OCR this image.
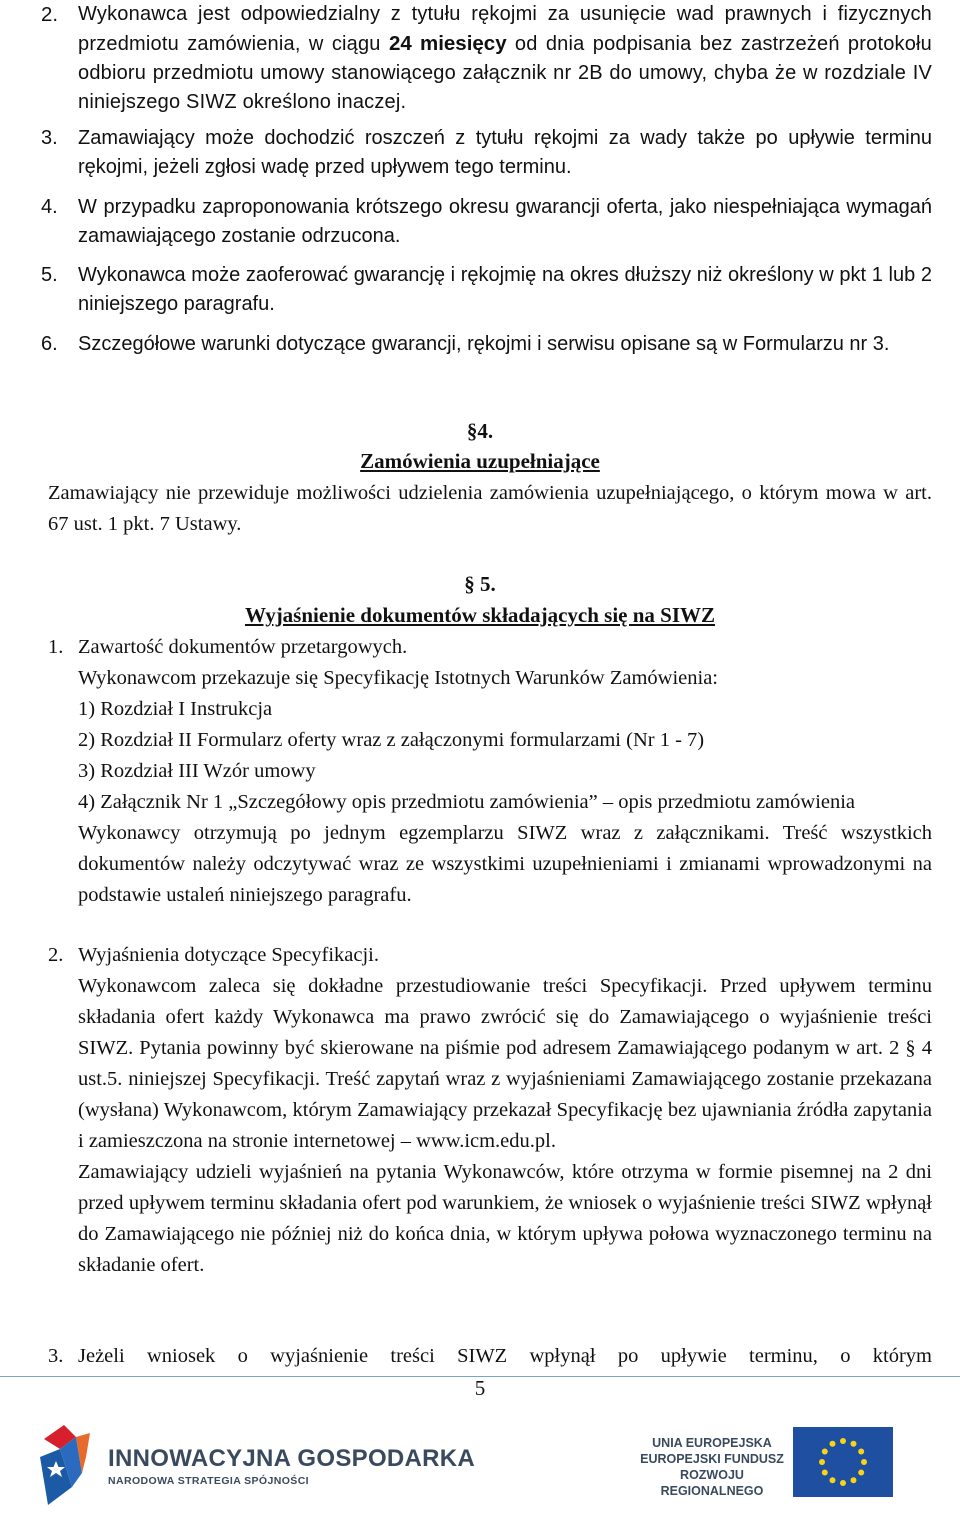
2. Wykonawca jest odpowiedzialny z tytułu rękojmi za usunięcie wad prawnych i fizycznych przedmiotu zamówienia, w ciągu 24 miesięcy od dnia podpisania bez zastrzeżeń protokołu odbioru przedmiotu umowy stanowiącego załącznik nr 2B do umowy, chyba że w rozdziale IV niniejszego SIWZ określono inaczej.
3. Zamawiający może dochodzić roszczeń z tytułu rękojmi za wady także po upływie terminu rękojmi, jeżeli zgłosi wadę przed upływem tego terminu.
4. W przypadku zaproponowania krótszego okresu gwarancji oferta, jako niespełniająca wymagań zamawiającego zostanie odrzucona.
5. Wykonawca może zaoferować gwarancję i rękojmię na okres dłuższy niż określony w pkt 1 lub 2 niniejszego paragrafu.
6. Szczegółowe warunki dotyczące gwarancji, rękojmi i serwisu opisane są w Formularzu nr 3.
§4.
Zamówienia uzupełniające
Zamawiający nie przewiduje możliwości udzielenia zamówienia uzupełniającego, o którym mowa w art. 67 ust. 1 pkt. 7 Ustawy.
§ 5.
Wyjaśnienie dokumentów składających się na SIWZ
1. Zawartość dokumentów przetargowych.

Wykonawcom przekazuje się Specyfikację Istotnych Warunków Zamówienia:

1) Rozdział I Instrukcja

2) Rozdział II Formularz oferty wraz z załączonymi formularzami (Nr 1 - 7)

3) Rozdział III Wzór umowy

4) Załącznik Nr 1 „Szczegółowy opis przedmiotu zamówienia” – opis przedmiotu zamówienia

Wykonawcy otrzymują po jednym egzemplarzu SIWZ wraz z załącznikami. Treść wszystkich dokumentów należy odczytywać wraz ze wszystkimi uzupełnieniami i zmianami wprowadzonymi na podstawie ustaleń niniejszego paragrafu.

2. Wyjaśnienia dotyczące Specyfikacji.

Wykonawcom zaleca się dokładne przestudiowanie treści Specyfikacji. Przed upływem terminu składania ofert każdy Wykonawca ma prawo zwrócić się do Zamawiającego o wyjaśnienie treści SIWZ. Pytania powinny być skierowane na piśmie pod adresem Zamawiającego podanym w art. 2 § 4 ust.5. niniejszej Specyfikacji. Treść zapytań wraz z wyjaśnieniami Zamawiającego zostanie przekazana (wysłana) Wykonawcom, którym Zamawiający przekazał Specyfikację bez ujawniania źródła zapytania i zamieszczona na stronie internetowej – www.icm.edu.pl.

Zamawiający udzieli wyjaśnień na pytania Wykonawców, które otrzyma w formie pisemnej na 2 dni przed upływem terminu składania ofert pod warunkiem, że wniosek o wyjaśnienie treści SIWZ wpłynął do Zamawiającego nie później niż do końca dnia, w którym upływa połowa wyznaczonego terminu na składanie ofert.

3. Jeżeli wniosek o wyjaśnienie treści SIWZ wpłynął po upływie terminu, o którym

5
INNOWACYJNA GOSPODARKA
NARODOWA STRATEGIA SPÓJNOŚCI
UNIA EUROPEJSKA
EUROPEJSKI FUNDUSZ
ROZWOJU REGIONALNEGO
